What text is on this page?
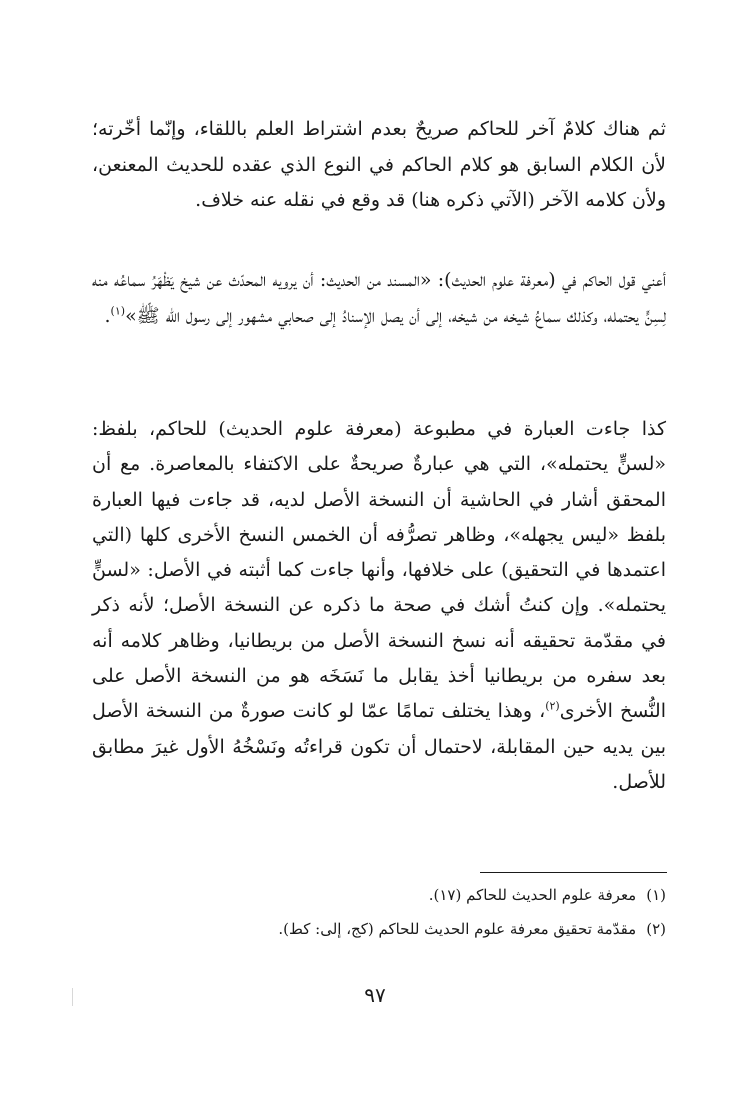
ثم هناك كلامٌ آخر للحاكم صريحٌ بعدم اشتراط العلم باللقاء، وإنّما أخّرته؛ لأن الكلام السابق هو كلام الحاكم في النوع الذي عقده للحديث المعنعن، ولأن كلامه الآخر (الآتي ذكره هنا) قد وقع في نقله عنه خلاف.

أعني قول الحاكم في (معرفة علوم الحديث): «المسند من الحديث: أن يرويه المحدّث عن شيخ يَظْهَرُ سماعُه منه لِسِنٍّ يحتمله، وكذلك سماعُ شيخه من شيخه، إلى أن يصل الإسنادُ إلى صحابي مشهور إلى رسول الله ﷺ»$^{(١)}$.

كذا جاءت العبارة في مطبوعة (معرفة علوم الحديث) للحاكم، بلفظ: «لسنٍّ يحتمله»، التي هي عبارةٌ صريحةٌ على الاكتفاء بالمعاصرة. مع أن المحقق أشار في الحاشية أن النسخة الأصل لديه، قد جاءت فيها العبارة بلفظ «ليس يجهله»، وظاهر تصرُّفه أن الخمس النسخ الأخرى كلها (التي اعتمدها في التحقيق) على خلافها، وأنها جاءت كما أثبته في الأصل: «لسنٍّ يحتمله». وإن كنتُ أشك في صحة ما ذكره عن النسخة الأصل؛ لأنه ذكر في مقدّمة تحقيقه أنه نسخ النسخة الأصل من بريطانيا، وظاهر كلامه أنه بعد سفره من بريطانيا أخذ يقابل ما نَسَخَه هو من النسخة الأصل على النُّسخ الأخرى$^{(٢)}$، وهذا يختلف تمامًا عمّا لو كانت صورةٌ من النسخة الأصل بين يديه حين المقابلة، لاحتمال أن تكون قراءتُه ونَسْخُهُ الأول غيرَ مطابق للأصل.

(١)
معرفة علوم الحديث للحاكم (١٧).
(٢)
مقدّمة تحقيق معرفة علوم الحديث للحاكم (كج، إلى: كط).
٩٧
